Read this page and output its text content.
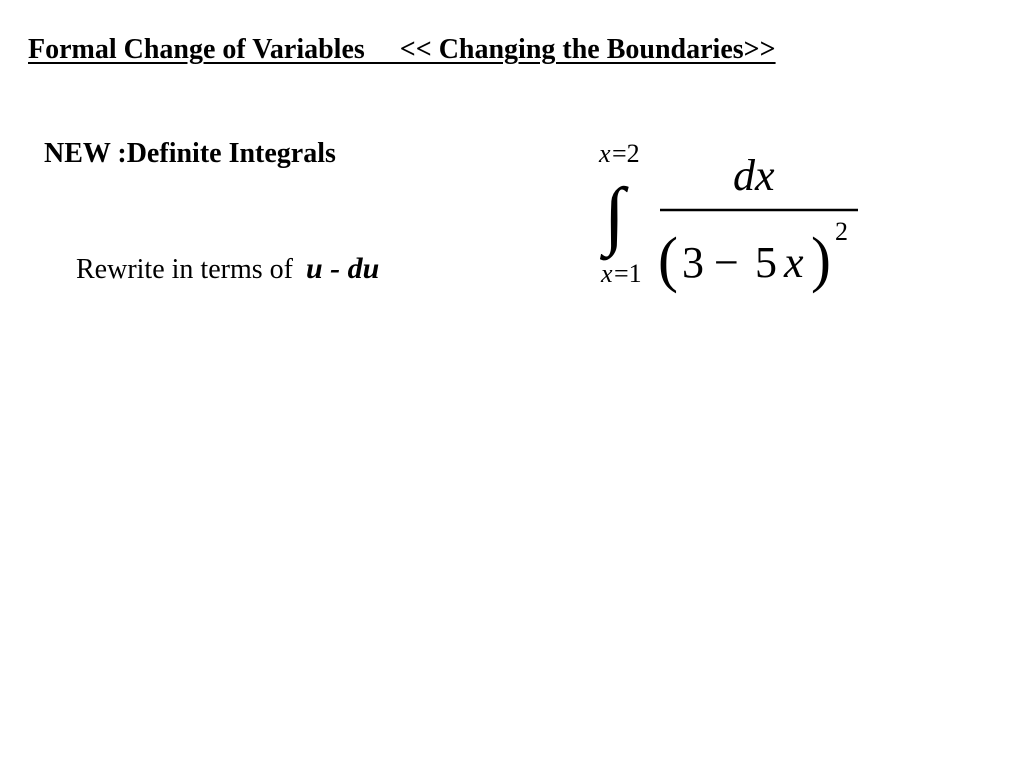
Formal Change of Variables     << Changing the Boundaries>>
NEW :Definite Integrals

Rewrite in terms of u - du

x =2
∫
x =1
dx
( 3 − 5 x ) 2
